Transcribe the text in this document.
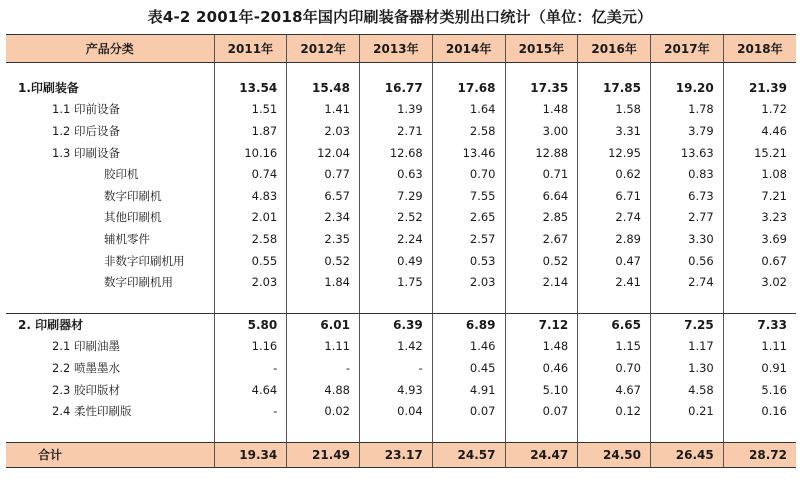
表4-2 2001年-2018年国内印刷装备器材类别出口统计（单位：亿美元）
产品分类	2011年	2012年	2013年	2014年	2015年	2016年	2017年	2018年

1.印刷装备	13.54	15.48	16.77	17.68	17.35	17.85	19.20	21.39
1.1 印前设备	1.51	1.41	1.39	1.64	1.48	1.58	1.78	1.72
1.2 印后设备	1.87	2.03	2.71	2.58	3.00	3.31	3.79	4.46
1.3 印刷设备	10.16	12.04	12.68	13.46	12.88	12.95	13.63	15.21
胶印机	0.74	0.77	0.63	0.70	0.71	0.62	0.83	1.08
数字印刷机	4.83	6.57	7.29	7.55	6.64	6.71	6.73	7.21
其他印刷机	2.01	2.34	2.52	2.65	2.85	2.74	2.77	3.23
辅机零件	2.58	2.35	2.24	2.57	2.67	2.89	3.30	3.69
非数字印刷机用	0.55	0.52	0.49	0.53	0.52	0.47	0.56	0.67
数字印刷机用	2.03	1.84	1.75	2.03	2.14	2.41	2.74	3.02

2. 印刷器材	5.80	6.01	6.39	6.89	7.12	6.65	7.25	7.33
2.1 印刷油墨	1.16	1.11	1.42	1.46	1.48	1.15	1.17	1.11
2.2 喷墨墨水	-	-	-	0.45	0.46	0.70	1.30	0.91
2.3 胶印版材	4.64	4.88	4.93	4.91	5.10	4.67	4.58	5.16
2.4 柔性印刷版	-	0.02	0.04	0.07	0.07	0.12	0.21	0.16

合计	19.34	21.49	23.17	24.57	24.47	24.50	26.45	28.72
